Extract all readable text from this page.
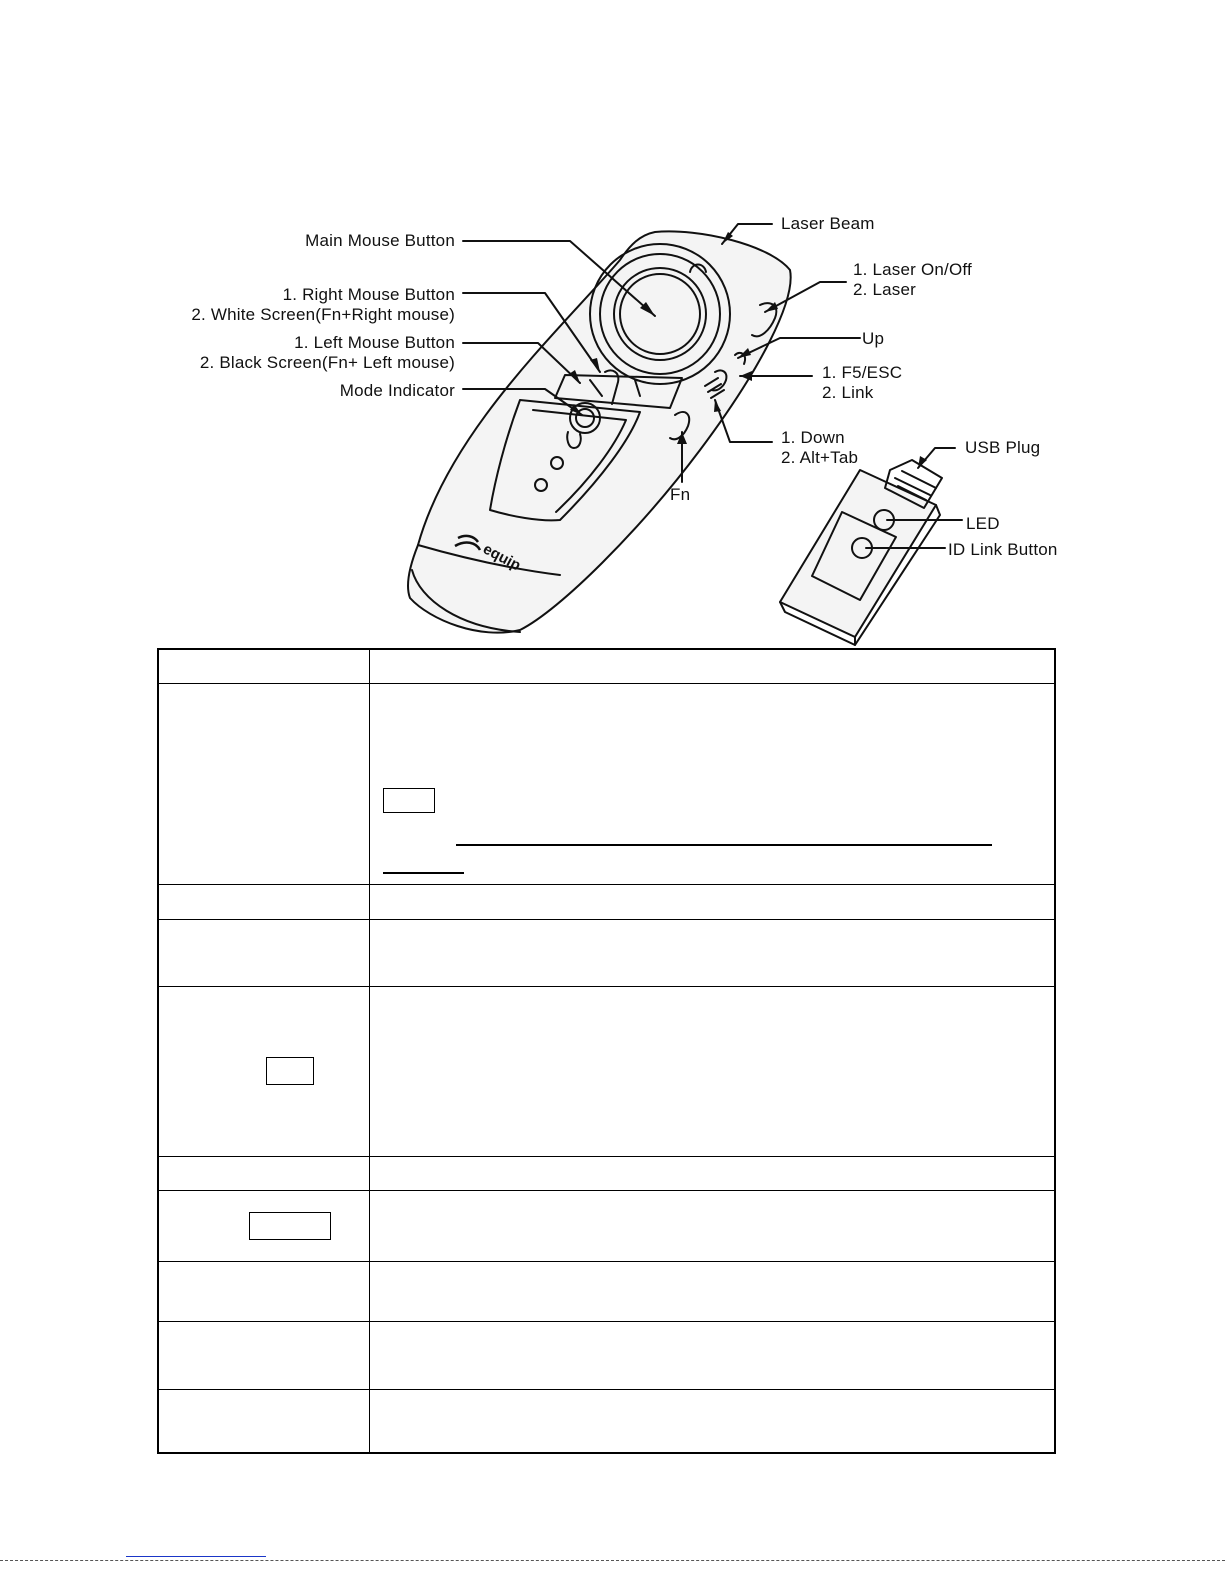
equip
Main Mouse Button
1. Right Mouse Button
2. White Screen(Fn+Right mouse)
1. Left Mouse Button
2. Black Screen(Fn+ Left mouse)
Mode Indicator
Laser Beam
1. Laser On/Off
2. Laser
Up
1. F5/ESC
2. Link
1. Down
2. Alt+Tab
Fn
USB Plug
LED
ID Link Button
